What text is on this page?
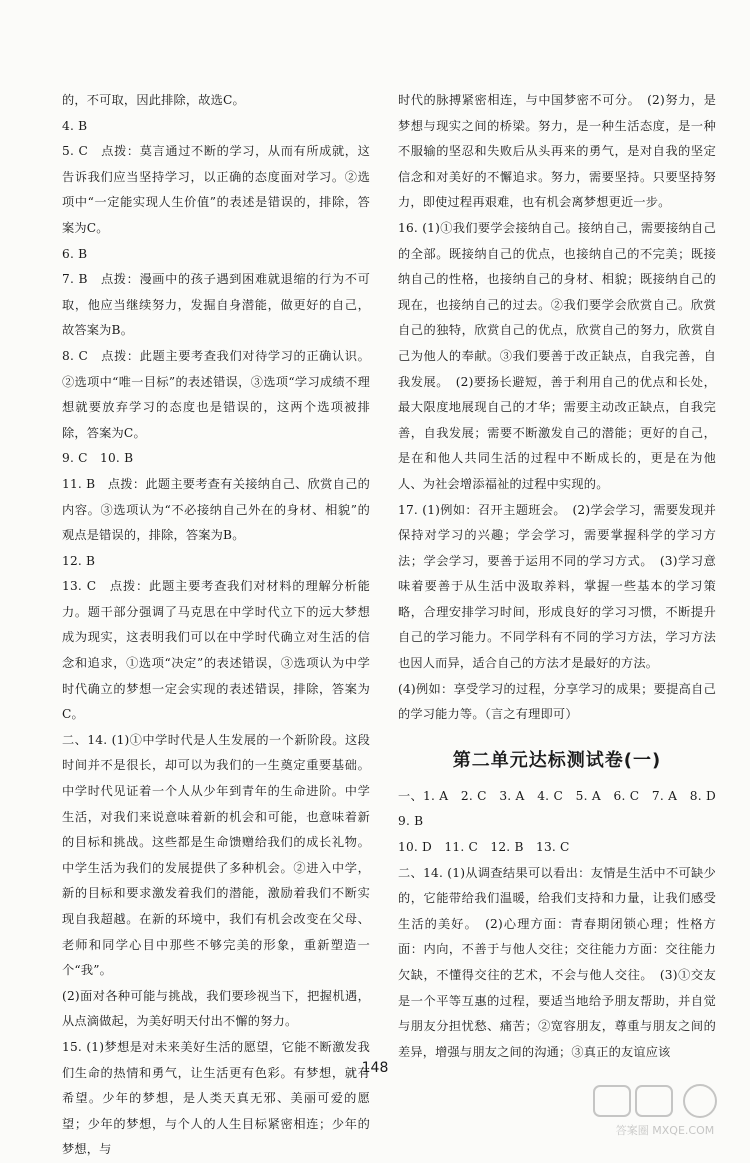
的，不可取，因此排除，故选C。

4. B

5. C　点拨：莫言通过不断的学习，从而有所成就，这告诉我们应当坚持学习，以正确的态度面对学习。②选项中“一定能实现人生价值”的表述是错误的，排除，答案为C。

6. B

7. B　点拨：漫画中的孩子遇到困难就退缩的行为不可取，他应当继续努力，发掘自身潜能，做更好的自己，故答案为B。

8. C　点拨：此题主要考查我们对待学习的正确认识。②选项中“唯一目标”的表述错误，③选项“学习成绩不理想就要放弃学习的态度也是错误的，这两个选项被排除，答案为C。

9. C　10. B

11. B　点拨：此题主要考查有关接纳自己、欣赏自己的内容。③选项认为“不必接纳自己外在的身材、相貌”的观点是错误的，排除，答案为B。

12. B

13. C　点拨：此题主要考查我们对材料的理解分析能力。题干部分强调了马克思在中学时代立下的远大梦想成为现实，这表明我们可以在中学时代确立对生活的信念和追求，①选项“决定”的表述错误，③选项认为中学时代确立的梦想一定会实现的表述错误，排除，答案为C。

二、14. (1)①中学时代是人生发展的一个新阶段。这段时间并不是很长，却可以为我们的一生奠定重要基础。中学时代见证着一个人从少年到青年的生命进阶。中学生活，对我们来说意味着新的机会和可能，也意味着新的目标和挑战。这些都是生命馈赠给我们的成长礼物。中学生活为我们的发展提供了多种机会。②进入中学，新的目标和要求激发着我们的潜能，激励着我们不断实现自我超越。在新的环境中，我们有机会改变在父母、老师和同学心目中那些不够完美的形象，重新塑造一个“我”。

(2)面对各种可能与挑战，我们要珍视当下，把握机遇，从点滴做起，为美好明天付出不懈的努力。

15. (1)梦想是对未来美好生活的愿望，它能不断激发我们生命的热情和勇气，让生活更有色彩。有梦想，就有希望。少年的梦想，是人类天真无邪、美丽可爱的愿望；少年的梦想，与个人的人生目标紧密相连；少年的梦想，与

时代的脉搏紧密相连，与中国梦密不可分。　(2)努力，是梦想与现实之间的桥梁。努力，是一种生活态度，是一种不服输的坚忍和失败后从头再来的勇气，是对自我的坚定信念和对美好的不懈追求。努力，需要坚持。只要坚持努力，即使过程再艰难，也有机会离梦想更近一步。

16. (1)①我们要学会接纳自己。接纳自己，需要接纳自己的全部。既接纳自己的优点，也接纳自己的不完美；既接纳自己的性格，也接纳自己的身材、相貌；既接纳自己的现在，也接纳自己的过去。②我们要学会欣赏自己。欣赏自己的独特，欣赏自己的优点，欣赏自己的努力，欣赏自己为他人的奉献。③我们要善于改正缺点，自我完善，自我发展。　(2)要扬长避短，善于利用自己的优点和长处，最大限度地展现自己的才华；需要主动改正缺点，自我完善，自我发展；需要不断激发自己的潜能；更好的自己，是在和他人共同生活的过程中不断成长的，更是在为他人、为社会增添福祉的过程中实现的。

17. (1)例如：召开主题班会。　(2)学会学习，需要发现并保持对学习的兴趣；学会学习，需要掌握科学的学习方法；学会学习，要善于运用不同的学习方式。　(3)学习意味着要善于从生活中汲取养料，掌握一些基本的学习策略，合理安排学习时间，形成良好的学习习惯，不断提升自己的学习能力。不同学科有不同的学习方法，学习方法也因人而异，适合自己的方法才是最好的方法。

(4)例如：享受学习的过程，分享学习的成果；要提高自己的学习能力等。（言之有理即可）

第二单元达标测试卷(一)

一、1. A　2. C　3. A　4. C　5. A　6. C　7. A　8. D　9. B

10. D　11. C　12. B　13. C

二、14. (1)从调查结果可以看出：友情是生活中不可缺少的，它能带给我们温暖，给我们支持和力量，让我们感受生活的美好。　(2)心理方面：青春期闭锁心理；性格方面：内向，不善于与他人交往；交往能力方面：交往能力欠缺，不懂得交往的艺术，不会与他人交往。　(3)①交友是一个平等互惠的过程，要适当地给予朋友帮助，并自觉与朋友分担忧愁、痛苦；②宽容朋友，尊重与朋友之间的差异，增强与朋友之间的沟通；③真正的友谊应该

148
答案圈 MXQE.COM
